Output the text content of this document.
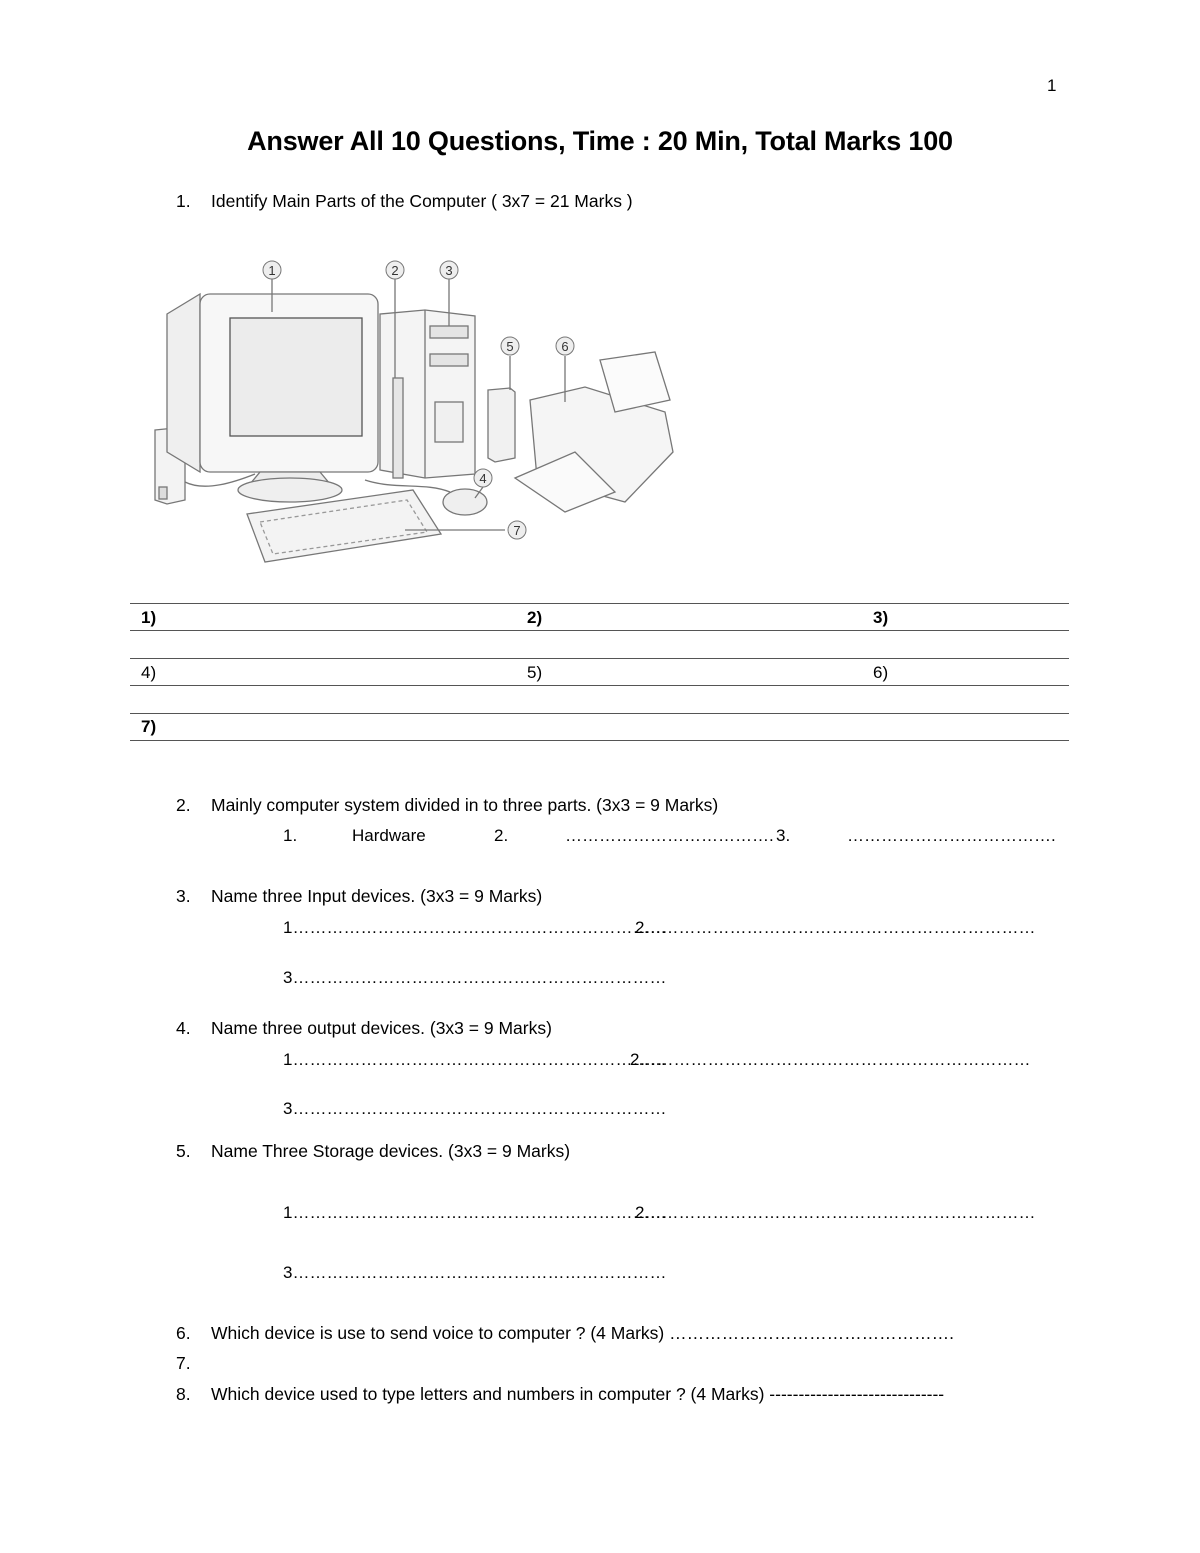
1
Answer All 10 Questions, Time : 20 Min, Total Marks 100
1. Identify Main Parts of the Computer ( 3x7 = 21 Marks )
1	2	3
4
5	6
7
1)	2)	3)
4)	5)	6)
7)
2. Mainly computer system divided in to three parts. (3x3 = 9 Marks)
1.	Hardware	2.	………………………………. 3.	……………………………….
3. Name three Input devices. (3x3 = 9 Marks)
1…………………………………………………………
2……………………………………………………………
3…………………………………………………………
4. Name three output devices. (3x3 = 9 Marks)
1…………………………………………………………
2……………………………………………………………
3…………………………………………………………
5. Name Three Storage devices. (3x3 = 9 Marks)
1…………………………………………………………
2……………………………………………………………
3…………………………………………………………
6. Which device is use to send voice to computer ? (4 Marks) ………………………………………….
7.
8. Which device used to type letters and numbers in computer ? (4 Marks) ------------------------------
